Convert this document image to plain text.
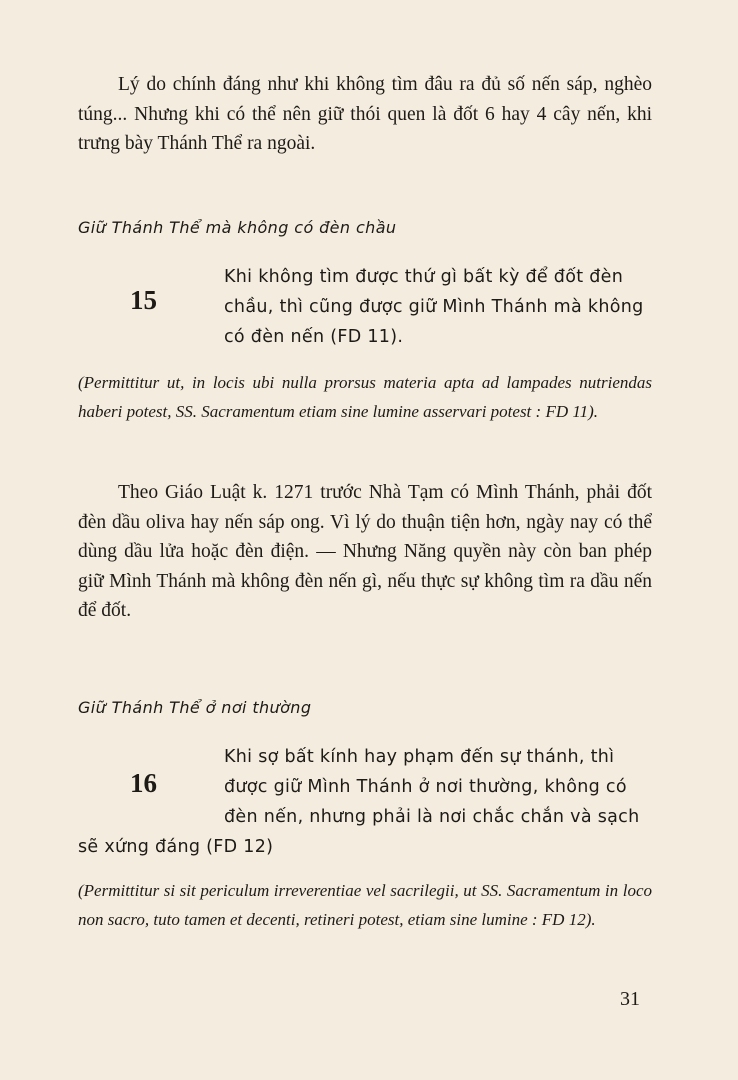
Lý do chính đáng như khi không tìm đâu ra đủ số nến sáp, nghèo túng... Nhưng khi có thể nên giữ thói quen là đốt 6 hay 4 cây nến, khi trưng bày Thánh Thể ra ngoài.

Giữ Thánh Thể mà không có đèn chầu

15

Khi không tìm được thứ gì bất kỳ để đốt đèn chầu, thì cũng được giữ Mình Thánh mà không có đèn nến (FD 11).

(Permittitur ut, in locis ubi nulla prorsus materia apta ad lampades nutriendas haberi potest, SS. Sacramentum etiam sine lumine asservari potest : FD 11).

Theo Giáo Luật k. 1271 trước Nhà Tạm có Mình Thánh, phải đốt đèn dầu oliva hay nến sáp ong. Vì lý do thuận tiện hơn, ngày nay có thể dùng dầu lửa hoặc đèn điện. — Nhưng Năng quyền này còn ban phép giữ Mình Thánh mà không đèn nến gì, nếu thực sự không tìm ra dầu nến để đốt.

Giữ Thánh Thể ở nơi thường

16

Khi sợ bất kính hay phạm đến sự thánh, thì được giữ Mình Thánh ở nơi thường, không có đèn nến, nhưng phải là nơi chắc chắn và sạch sẽ xứng đáng (FD 12)

(Permittitur si sit periculum irreverentiae vel sacrilegii, ut SS. Sacramentum in loco non sacro, tuto tamen et decenti, retineri potest, etiam sine lumine : FD 12).

31
